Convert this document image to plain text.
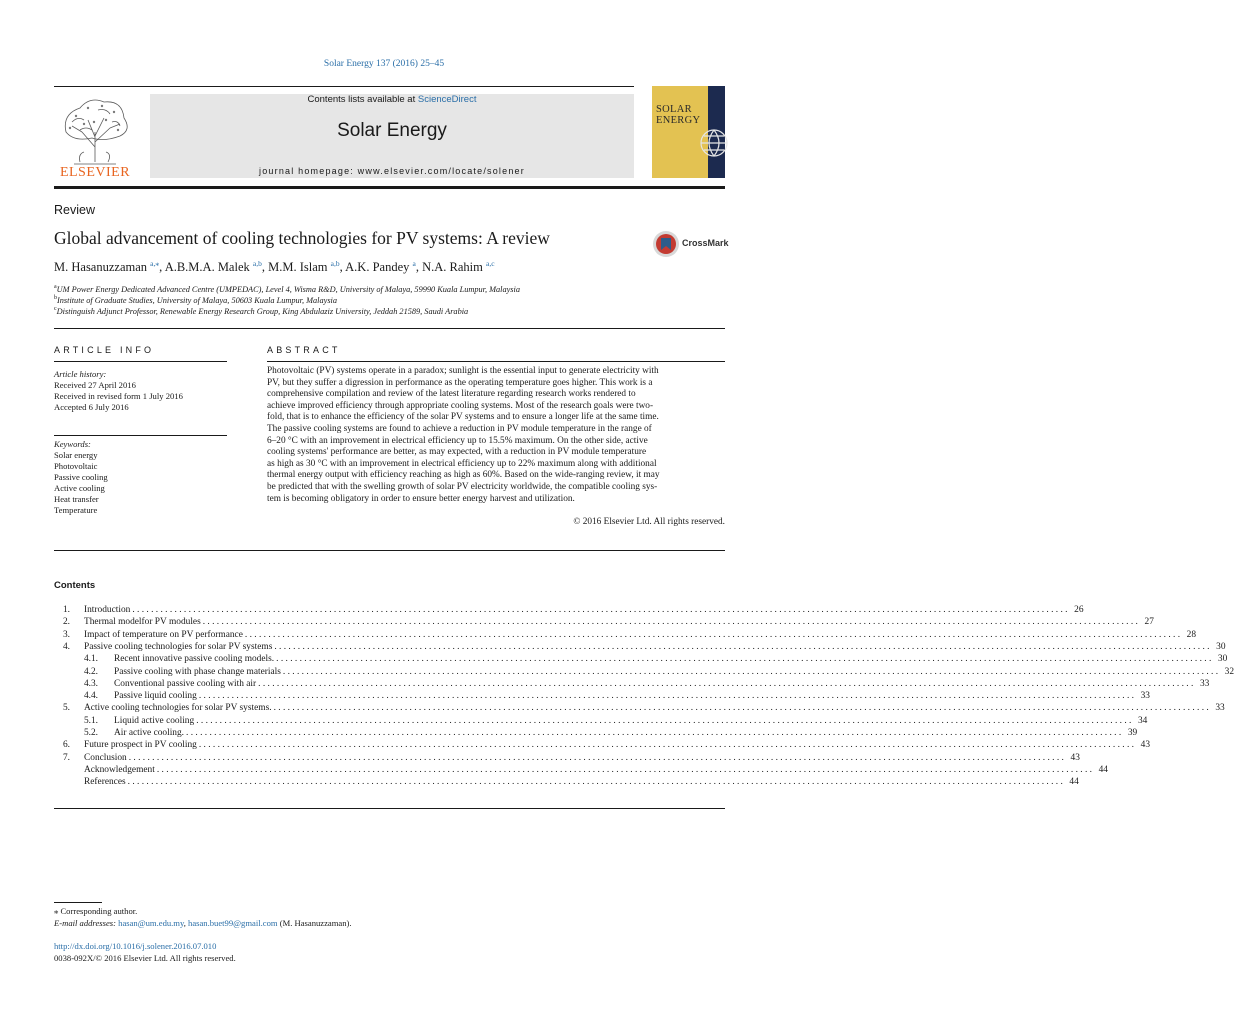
Solar Energy 137 (2016) 25–45
ELSEVIER
Contents lists available at ScienceDirect
Solar Energy
journal homepage: www.elsevier.com/locate/solener
SOLAR
ENERGY
Review
Global advancement of cooling technologies for PV systems: A review	CrossMark
M. Hasanuzzaman $^{a,⁎}$, A.B.M.A. Malek $^{a,b}$, M.M. Islam $^{a,b}$, A.K. Pandey $^a$, N.A. Rahim $^{a,c}$
$^a$UM Power Energy Dedicated Advanced Centre (UMPEDAC), Level 4, Wisma R&D, University of Malaya, 59990 Kuala Lumpur, Malaysia
$^b$Institute of Graduate Studies, University of Malaya, 50603 Kuala Lumpur, Malaysia
$^c$Distinguish Adjunct Professor, Renewable Energy Research Group, King Abdulaziz University, Jeddah 21589, Saudi Arabia
ARTICLE INFO
Article history:
Received 27 April 2016
Received in revised form 1 July 2016
Accepted 6 July 2016
Keywords:
Solar energy
Photovoltaic
Passive cooling
Active cooling
Heat transfer
Temperature
ABSTRACT
Photovoltaic (PV) systems operate in a paradox; sunlight is the essential input to generate electricity with
PV, but they suffer a digression in performance as the operating temperature goes higher. This work is a
comprehensive compilation and review of the latest literature regarding research works rendered to
achieve improved efficiency through appropriate cooling systems. Most of the research goals were two-
fold, that is to enhance the efficiency of the solar PV systems and to ensure a longer life at the same time.
The passive cooling systems are found to achieve a reduction in PV module temperature in the range of
6–20 °C with an improvement in electrical efficiency up to 15.5% maximum. On the other side, active
cooling systems' performance are better, as may expected, with a reduction in PV module temperature
as high as 30 °C with an improvement in electrical efficiency up to 22% maximum along with additional
thermal energy output with efficiency reaching as high as 60%. Based on the wide-ranging review, it may
be predicted that with the swelling growth of solar PV electricity worldwide, the compatible cooling sys-
tem is becoming obligatory in order to ensure better energy harvest and utilization.
© 2016 Elsevier Ltd. All rights reserved.
Contents
1. Introduction . . . . . . . . . . . . . . . . . . . . . . . . . . . . . . . . . . . . . . . . . . . . . . . . . . . . . . . . . . . . . . . . . . . . . . . . . . . . . . . . . . . . . . . . . . . . . . . . . . . . . . . . . . . . . . . . . . . . . . . . . . . . . . . . . . . . . . . . . . . . . . . . . . . . . . . . . . . . . . . . . . . . . . . . . . . . . . . . . . . . . . . . . . . . . . . . . . . . . . . . 26
2. Thermal modelfor PV modules . . . . . . . . . . . . . . . . . . . . . . . . . . . . . . . . . . . . . . . . . . . . . . . . . . . . . . . . . . . . . . . . . . . . . . . . . . . . . . . . . . . . . . . . . . . . . . . . . . . . . . . . . . . . . . . . . . . . . . . . . . . . . . . . . . . . . . . . . . . . . . . . . . . . . . . . . . . . . . . . . . . . . . . . . . . . . . . . . . . . . . . . . . . . . . . . . . . . . . . . 27
3. Impact of temperature on PV performance . . . . . . . . . . . . . . . . . . . . . . . . . . . . . . . . . . . . . . . . . . . . . . . . . . . . . . . . . . . . . . . . . . . . . . . . . . . . . . . . . . . . . . . . . . . . . . . . . . . . . . . . . . . . . . . . . . . . . . . . . . . . . . . . . . . . . . . . . . . . . . . . . . . . . . . . . . . . . . . . . . . . . . . . . . . . . . . . . . . . . . . . . . . . . . . . . . . . . . . . 28
4. Passive cooling technologies for solar PV systems . . . . . . . . . . . . . . . . . . . . . . . . . . . . . . . . . . . . . . . . . . . . . . . . . . . . . . . . . . . . . . . . . . . . . . . . . . . . . . . . . . . . . . . . . . . . . . . . . . . . . . . . . . . . . . . . . . . . . . . . . . . . . . . . . . . . . . . . . . . . . . . . . . . . . . . . . . . . . . . . . . . . . . . . . . . . . . . . . . . . . . . . . . . . . . . . . . . . . . . . 30
4.1. Recent innovative passive cooling models. . . . . . . . . . . . . . . . . . . . . . . . . . . . . . . . . . . . . . . . . . . . . . . . . . . . . . . . . . . . . . . . . . . . . . . . . . . . . . . . . . . . . . . . . . . . . . . . . . . . . . . . . . . . . . . . . . . . . . . . . . . . . . . . . . . . . . . . . . . . . . . . . . . . . . . . . . . . . . . . . . . . . . . . . . . . . . . . . . . . . . . . . . . . . . . . . . . . . . . . . 30
4.2. Passive cooling with phase change materials . . . . . . . . . . . . . . . . . . . . . . . . . . . . . . . . . . . . . . . . . . . . . . . . . . . . . . . . . . . . . . . . . . . . . . . . . . . . . . . . . . . . . . . . . . . . . . . . . . . . . . . . . . . . . . . . . . . . . . . . . . . . . . . . . . . . . . . . . . . . . . . . . . . . . . . . . . . . . . . . . . . . . . . . . . . . . . . . . . . . . . . . . . . . . . . . . . . . . . . . 32
4.3. Conventional passive cooling with air . . . . . . . . . . . . . . . . . . . . . . . . . . . . . . . . . . . . . . . . . . . . . . . . . . . . . . . . . . . . . . . . . . . . . . . . . . . . . . . . . . . . . . . . . . . . . . . . . . . . . . . . . . . . . . . . . . . . . . . . . . . . . . . . . . . . . . . . . . . . . . . . . . . . . . . . . . . . . . . . . . . . . . . . . . . . . . . . . . . . . . . . . . . . . . . . . . . . . . . . 33
4.4. Passive liquid cooling . . . . . . . . . . . . . . . . . . . . . . . . . . . . . . . . . . . . . . . . . . . . . . . . . . . . . . . . . . . . . . . . . . . . . . . . . . . . . . . . . . . . . . . . . . . . . . . . . . . . . . . . . . . . . . . . . . . . . . . . . . . . . . . . . . . . . . . . . . . . . . . . . . . . . . . . . . . . . . . . . . . . . . . . . . . . . . . . . . . . . . . . . . . . . . . . . . . . . . . . 33
5. Active cooling technologies for solar PV systems. . . . . . . . . . . . . . . . . . . . . . . . . . . . . . . . . . . . . . . . . . . . . . . . . . . . . . . . . . . . . . . . . . . . . . . . . . . . . . . . . . . . . . . . . . . . . . . . . . . . . . . . . . . . . . . . . . . . . . . . . . . . . . . . . . . . . . . . . . . . . . . . . . . . . . . . . . . . . . . . . . . . . . . . . . . . . . . . . . . . . . . . . . . . . . . . . . . . . . . . . 33
5.1. Liquid active cooling . . . . . . . . . . . . . . . . . . . . . . . . . . . . . . . . . . . . . . . . . . . . . . . . . . . . . . . . . . . . . . . . . . . . . . . . . . . . . . . . . . . . . . . . . . . . . . . . . . . . . . . . . . . . . . . . . . . . . . . . . . . . . . . . . . . . . . . . . . . . . . . . . . . . . . . . . . . . . . . . . . . . . . . . . . . . . . . . . . . . . . . . . . . . . . . . . . . . . . . . 34
5.2. Air active cooling. . . . . . . . . . . . . . . . . . . . . . . . . . . . . . . . . . . . . . . . . . . . . . . . . . . . . . . . . . . . . . . . . . . . . . . . . . . . . . . . . . . . . . . . . . . . . . . . . . . . . . . . . . . . . . . . . . . . . . . . . . . . . . . . . . . . . . . . . . . . . . . . . . . . . . . . . . . . . . . . . . . . . . . . . . . . . . . . . . . . . . . . . . . . . . . . . . . . . . . . . 39
6. Future prospect in PV cooling . . . . . . . . . . . . . . . . . . . . . . . . . . . . . . . . . . . . . . . . . . . . . . . . . . . . . . . . . . . . . . . . . . . . . . . . . . . . . . . . . . . . . . . . . . . . . . . . . . . . . . . . . . . . . . . . . . . . . . . . . . . . . . . . . . . . . . . . . . . . . . . . . . . . . . . . . . . . . . . . . . . . . . . . . . . . . . . . . . . . . . . . . . . . . . . . . . . . . . . . 43
7. Conclusion . . . . . . . . . . . . . . . . . . . . . . . . . . . . . . . . . . . . . . . . . . . . . . . . . . . . . . . . . . . . . . . . . . . . . . . . . . . . . . . . . . . . . . . . . . . . . . . . . . . . . . . . . . . . . . . . . . . . . . . . . . . . . . . . . . . . . . . . . . . . . . . . . . . . . . . . . . . . . . . . . . . . . . . . . . . . . . . . . . . . . . . . . . . . . . . . . . . . . . . . 43
Acknowledgement . . . . . . . . . . . . . . . . . . . . . . . . . . . . . . . . . . . . . . . . . . . . . . . . . . . . . . . . . . . . . . . . . . . . . . . . . . . . . . . . . . . . . . . . . . . . . . . . . . . . . . . . . . . . . . . . . . . . . . . . . . . . . . . . . . . . . . . . . . . . . . . . . . . . . . . . . . . . . . . . . . . . . . . . . . . . . . . . . . . . . . . . . . . . . . . . . . . . . . . . 44
References . . . . . . . . . . . . . . . . . . . . . . . . . . . . . . . . . . . . . . . . . . . . . . . . . . . . . . . . . . . . . . . . . . . . . . . . . . . . . . . . . . . . . . . . . . . . . . . . . . . . . . . . . . . . . . . . . . . . . . . . . . . . . . . . . . . . . . . . . . . . . . . . . . . . . . . . . . . . . . . . . . . . . . . . . . . . . . . . . . . . . . . . . . . . . . . . . . . . . . . . 44
⁎ Corresponding author.
E-mail addresses: hasan@um.edu.my, hasan.buet99@gmail.com (M. Hasanuzzaman).
http://dx.doi.org/10.1016/j.solener.2016.07.010
0038-092X/© 2016 Elsevier Ltd. All rights reserved.
